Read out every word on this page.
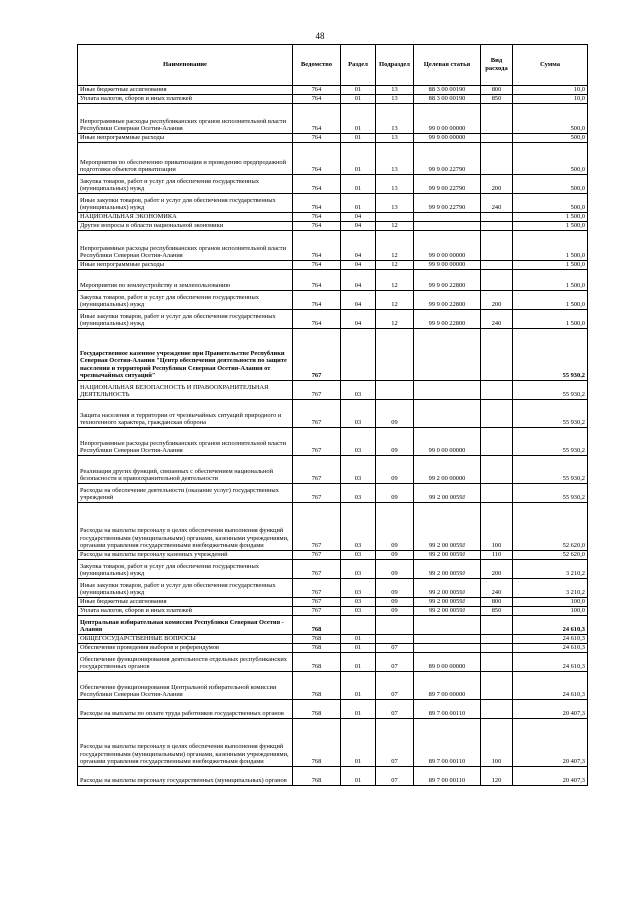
48
Наименование	Ведомство	Раздел	Подраздел	Целевая статья	Вид расхода	Сумма
Иные бюджетные ассигнования	764	01	13	88 3 00 00190	800	10,0
Уплата налогов, сборов и иных платежей	764	01	13	88 3 00 00190	850	10,0
Непрограммные расходы республиканских органов исполнительной власти Республики Северная Осетия-Алания	764	01	13	99 0 00 00000		500,0
Иные непрограммные расходы	764	01	13	99 9 00 00000		500,0
Мероприятия по обеспечению приватизации и проведению предпродажной подготовки объектов приватизации	764	01	13	99 9 00 22790		500,0
Закупка товаров, работ и услуг для обеспечения государственных (муниципальных) нужд	764	01	13	99 9 00 22790	200	500,0
Иные закупки товаров, работ и услуг для обеспечения государственных (муниципальных) нужд	764	01	13	99 9 00 22790	240	500,0
НАЦИОНАЛЬНАЯ ЭКОНОМИКА	764	04				1 500,0
Другие вопросы в области национальной экономики	764	04	12			1 500,0
Непрограммные расходы республиканских органов исполнительной власти Республики Северная Осетия-Алания	764	04	12	99 0 00 00000		1 500,0
Иные непрограммные расходы	764	04	12	99 9 00 00000		1 500,0
Мероприятия по землеустройству и землепользованию	764	04	12	99 9 00 22800		1 500,0
Закупка товаров, работ и услуг для обеспечения государственных (муниципальных) нужд	764	04	12	99 9 00 22800	200	1 500,0
Иные закупки товаров, работ и услуг для обеспечения государственных (муниципальных) нужд	764	04	12	99 9 00 22800	240	1 500,0
Государственное казенное учреждение при Правительстве Республики Северная Осетия-Алания "Центр обеспечения деятельности по защите населения и территорий Республики Северная Осетия-Алания от чрезвычайных ситуаций"	767					55 930,2
НАЦИОНАЛЬНАЯ БЕЗОПАСНОСТЬ И ПРАВООХРАНИТЕЛЬНАЯ ДЕЯТЕЛЬНОСТЬ	767	03				55 930,2
Защита населения и территории от чрезвычайных ситуаций природного и техногенного характера, гражданская оборона	767	03	09			55 930,2
Непрограммные расходы республиканских органов исполнительной власти Республики Северная Осетия-Алания	767	03	09	99 0 00 00000		55 930,2
Реализация других функций, связанных с обеспечением национальной безопасности и правоохранительной деятельности	767	03	09	99 2 00 00000		55 930,2
Расходы на обеспечение деятельности (оказание услуг) государственных учреждений	767	03	09	99 2 00 0059Ј		55 930,2
Расходы на выплаты персоналу в целях обеспечения выполнения функций государственными (муниципальными) органами, казенными учреждениями, органами управления государственными внебюджетными фондами	767	03	09	99 2 00 0059Ј	100	52 620,0
Расходы на выплаты персоналу казенных учреждений	767	03	09	99 2 00 0059Ј	110	52 620,0
Закупка товаров, работ и услуг для обеспечения государственных (муниципальных) нужд	767	03	09	99 2 00 0059Ј	200	3 210,2
Иные закупки товаров, работ и услуг для обеспечения государственных (муниципальных) нужд	767	03	09	99 2 00 0059Ј	240	3 210,2
Иные бюджетные ассигнования	767	03	09	99 2 00 0059Ј	800	100,0
Уплата налогов, сборов и иных платежей	767	03	09	99 2 00 0059Ј	850	100,0
Центральная избирательная комиссия Республики Северная Осетия - Алания	768					24 610,3
ОБЩЕГОСУДАРСТВЕННЫЕ ВОПРОСЫ	768	01				24 610,3
Обеспечение проведения выборов и референдумов	768	01	07			24 610,3
Обеспечение функционирования деятельности отдельных республиканских государственных органов	768	01	07	89 0 00 00000		24 610,3
Обеспечение функционирования Центральной избирательной комиссии Республики Северная Осетия-Алания	768	01	07	89 7 00 00000		24 610,3
Расходы на выплаты по оплате труда работников государственных органов	768	01	07	89 7 00 00110		20 407,3
Расходы на выплаты персоналу в целях обеспечения выполнения функций государственными (муниципальными) органами, казенными учреждениями, органами управления государственными внебюджетными фондами	768	01	07	89 7 00 00110	100	20 407,3
Расходы на выплаты персоналу государственных (муниципальных) органов	768	01	07	89 7 00 00110	120	20 407,3
